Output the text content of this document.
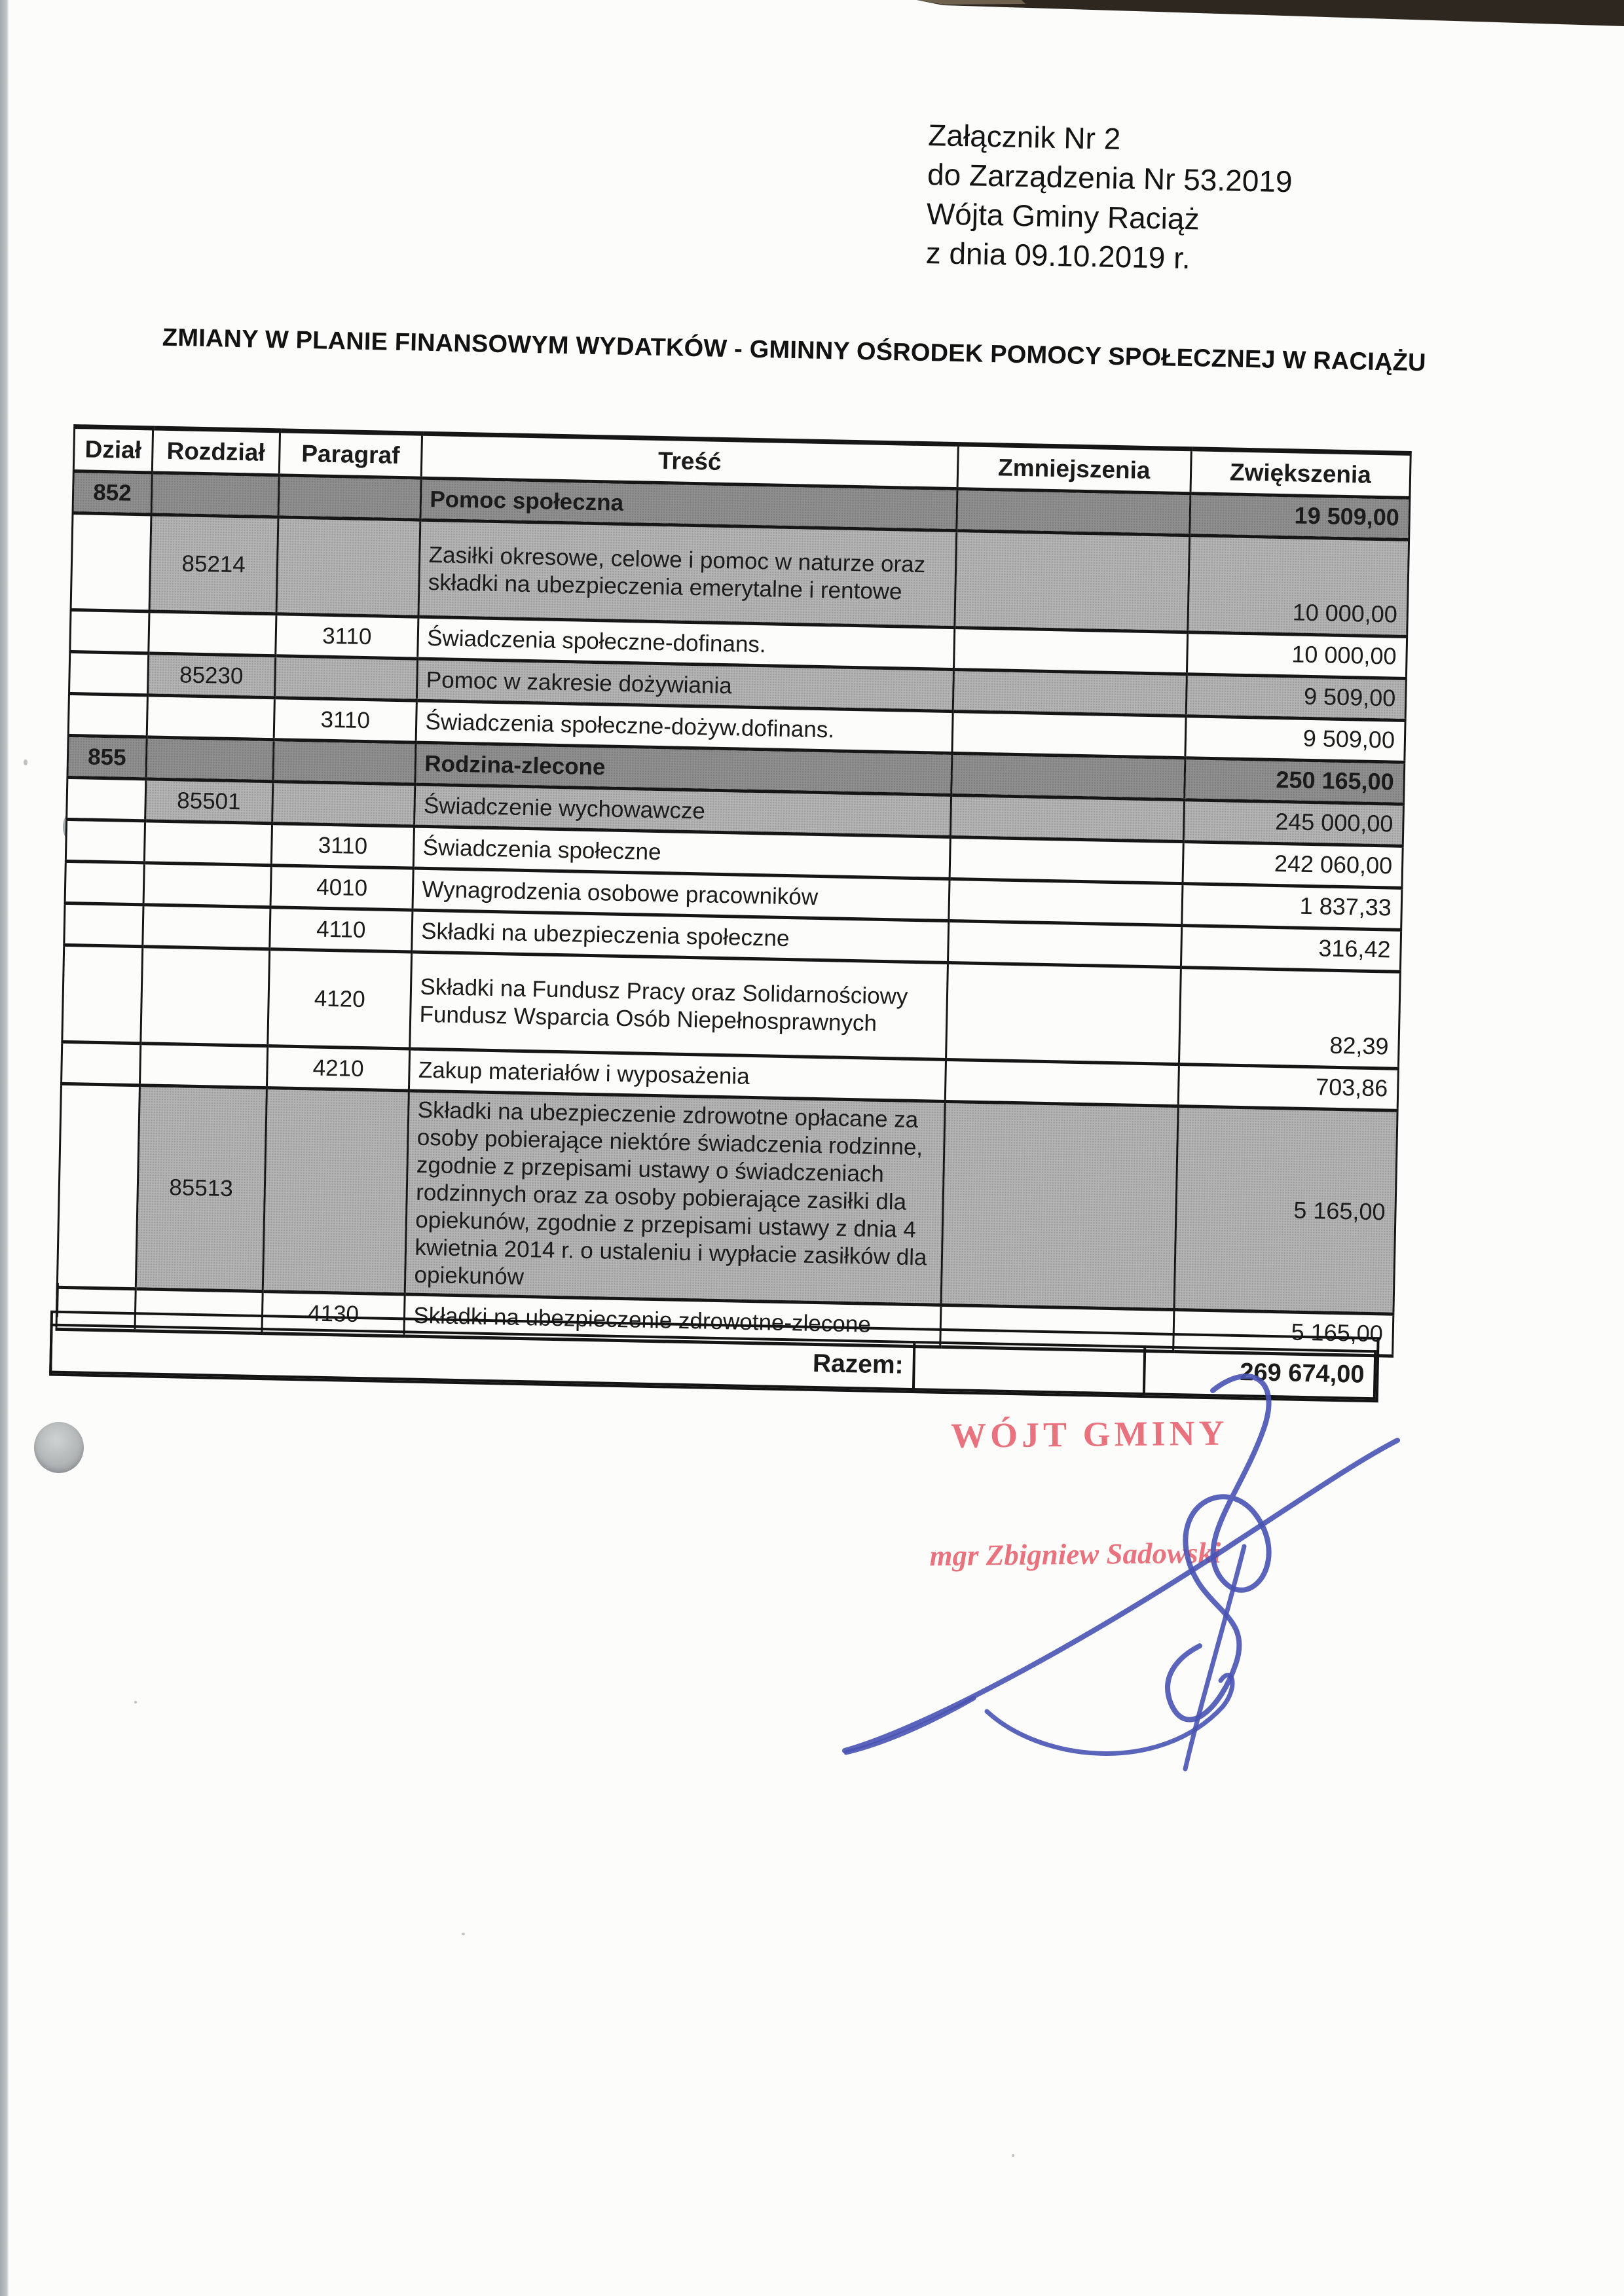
Załącznik Nr 2
do Zarządzenia Nr 53.2019
Wójta Gminy Raciąż
z dnia 09.10.2019 r.
ZMIANY W PLANIE FINANSOWYM WYDATKÓW - GMINNY OŚRODEK POMOCY SPOŁECZNEJ W RACIĄŻU
Dział	Rozdział	Paragraf	Treść	Zmniejszenia	Zwiększenia
852			Pomoc społeczna		19 509,00
	85214		Zasiłki okresowe, celowe i pomoc w naturze oraz składki na ubezpieczenia emerytalne i rentowe		10 000,00
		3110	Świadczenia społeczne-dofinans.		10 000,00
	85230		Pomoc w zakresie dożywiania		9 509,00
		3110	Świadczenia społeczne-dożyw.dofinans.		9 509,00
855			Rodzina-zlecone		250 165,00
	85501		Świadczenie wychowawcze		245 000,00
		3110	Świadczenia społeczne		242 060,00
		4010	Wynagrodzenia osobowe pracowników		1 837,33
		4110	Składki na ubezpieczenia społeczne		316,42
		4120	Składki na Fundusz Pracy oraz Solidarnościowy Fundusz Wsparcia Osób Niepełnosprawnych		82,39
		4210	Zakup materiałów i wyposażenia		703,86
	85513		Składki na ubezpieczenie zdrowotne opłacane za osoby pobierające niektóre świadczenia rodzinne, zgodnie z przepisami ustawy o świadczeniach rodzinnych oraz za osoby pobierające zasiłki dla opiekunów, zgodnie z przepisami ustawy z dnia 4 kwietnia 2014 r. o ustaleniu i wypłacie zasiłków dla opiekunów		5 165,00
		4130	Składki na ubezpieczenie zdrowotne-zlecone		5 165,00
Razem:		269 674,00
WÓJT GMINY
mgr Zbigniew Sadowski
